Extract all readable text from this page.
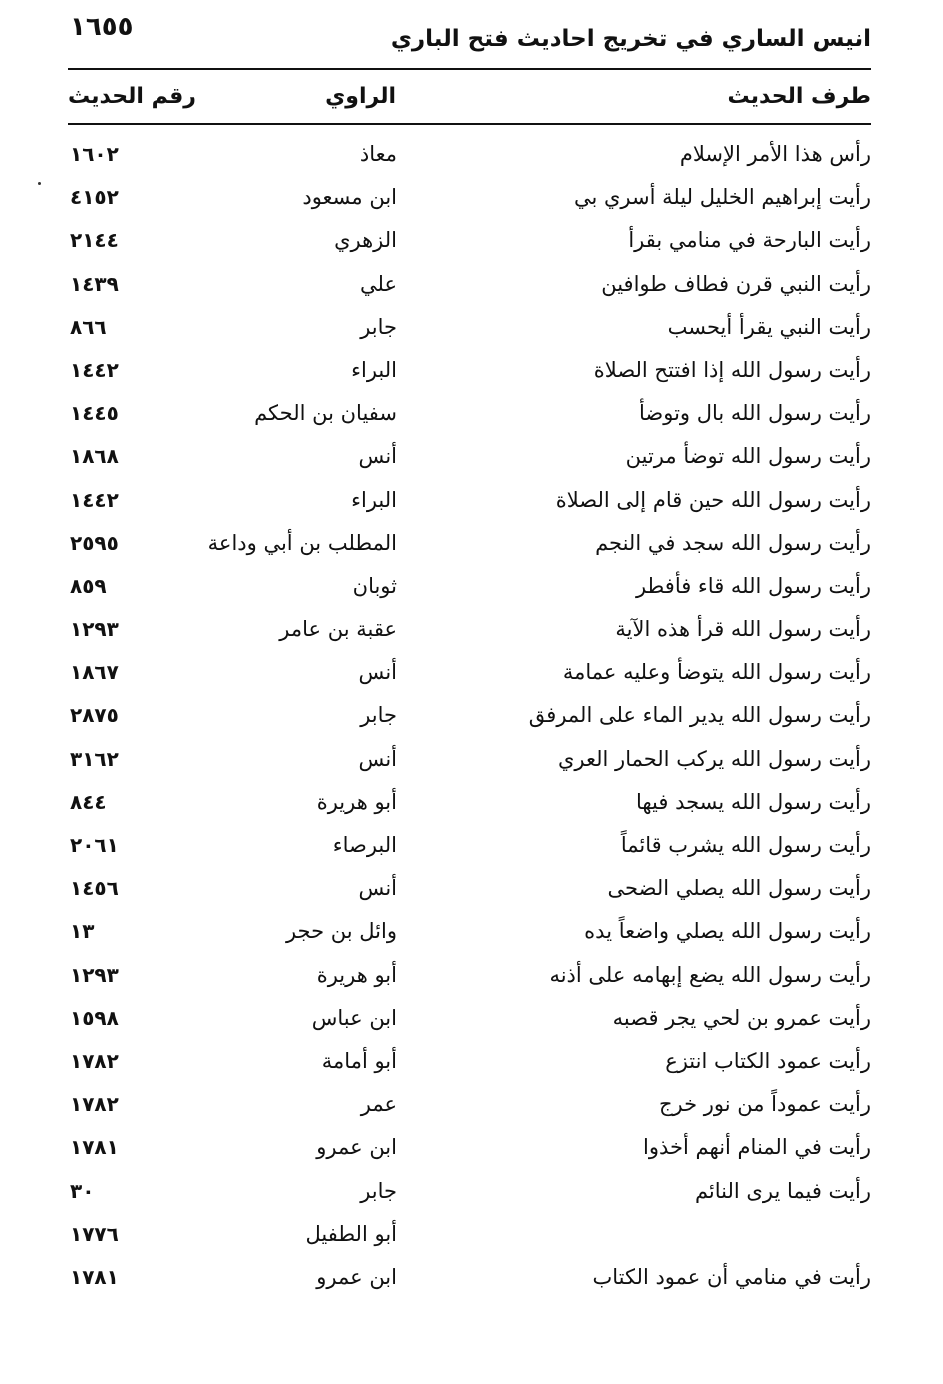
انيس الساري في تخريج احاديث فتح الباري
١٦٥٥
طرف الحديث
الراوي
رقم الحديث
رأس هذا الأمر الإسلام
معاذ
١٦٠٢
رأيت إبراهيم الخليل ليلة أسري بي
ابن مسعود
٤١٥٢
رأيت البارحة في منامي بقرأ
الزهري
٢١٤٤
رأيت النبي قرن فطاف طوافين
علي
١٤٣٩
رأيت النبي يقرأ أيحسب
جابر
٨٦٦
رأيت رسول الله إذا افتتح الصلاة
البراء
١٤٤٢
رأيت رسول الله بال وتوضأ
سفيان بن الحكم
١٤٤٥
رأيت رسول الله توضأ مرتين
أنس
١٨٦٨
رأيت رسول الله حين قام إلى الصلاة
البراء
١٤٤٢
رأيت رسول الله سجد في النجم
المطلب بن أبي وداعة
٢٥٩٥
رأيت رسول الله قاء فأفطر
ثوبان
٨٥٩
رأيت رسول الله قرأ هذه الآية
عقبة بن عامر
١٢٩٣
رأيت رسول الله يتوضأ وعليه عمامة
أنس
١٨٦٧
رأيت رسول الله يدير الماء على المرفق
جابر
٢٨٧٥
رأيت رسول الله يركب الحمار العري
أنس
٣١٦٢
رأيت رسول الله يسجد فيها
أبو هريرة
٨٤٤
رأيت رسول الله يشرب قائماً
البرصاء
٢٠٦١
رأيت رسول الله يصلي الضحى
أنس
١٤٥٦
رأيت رسول الله يصلي واضعاً يده
وائل بن حجر
١٣
رأيت رسول الله يضع إبهامه على أذنه
أبو هريرة
١٢٩٣
رأيت عمرو بن لحي يجر قصبه
ابن عباس
١٥٩٨
رأيت عمود الكتاب انتزع
أبو أمامة
١٧٨٢
رأيت عموداً من نور خرج
عمر
١٧٨٢
رأيت في المنام أنهم أخذوا
ابن عمرو
١٧٨١
رأيت فيما يرى النائم
جابر
٣٠
أبو الطفيل
١٧٧٦
رأيت في منامي أن عمود الكتاب
ابن عمرو
١٧٨١
